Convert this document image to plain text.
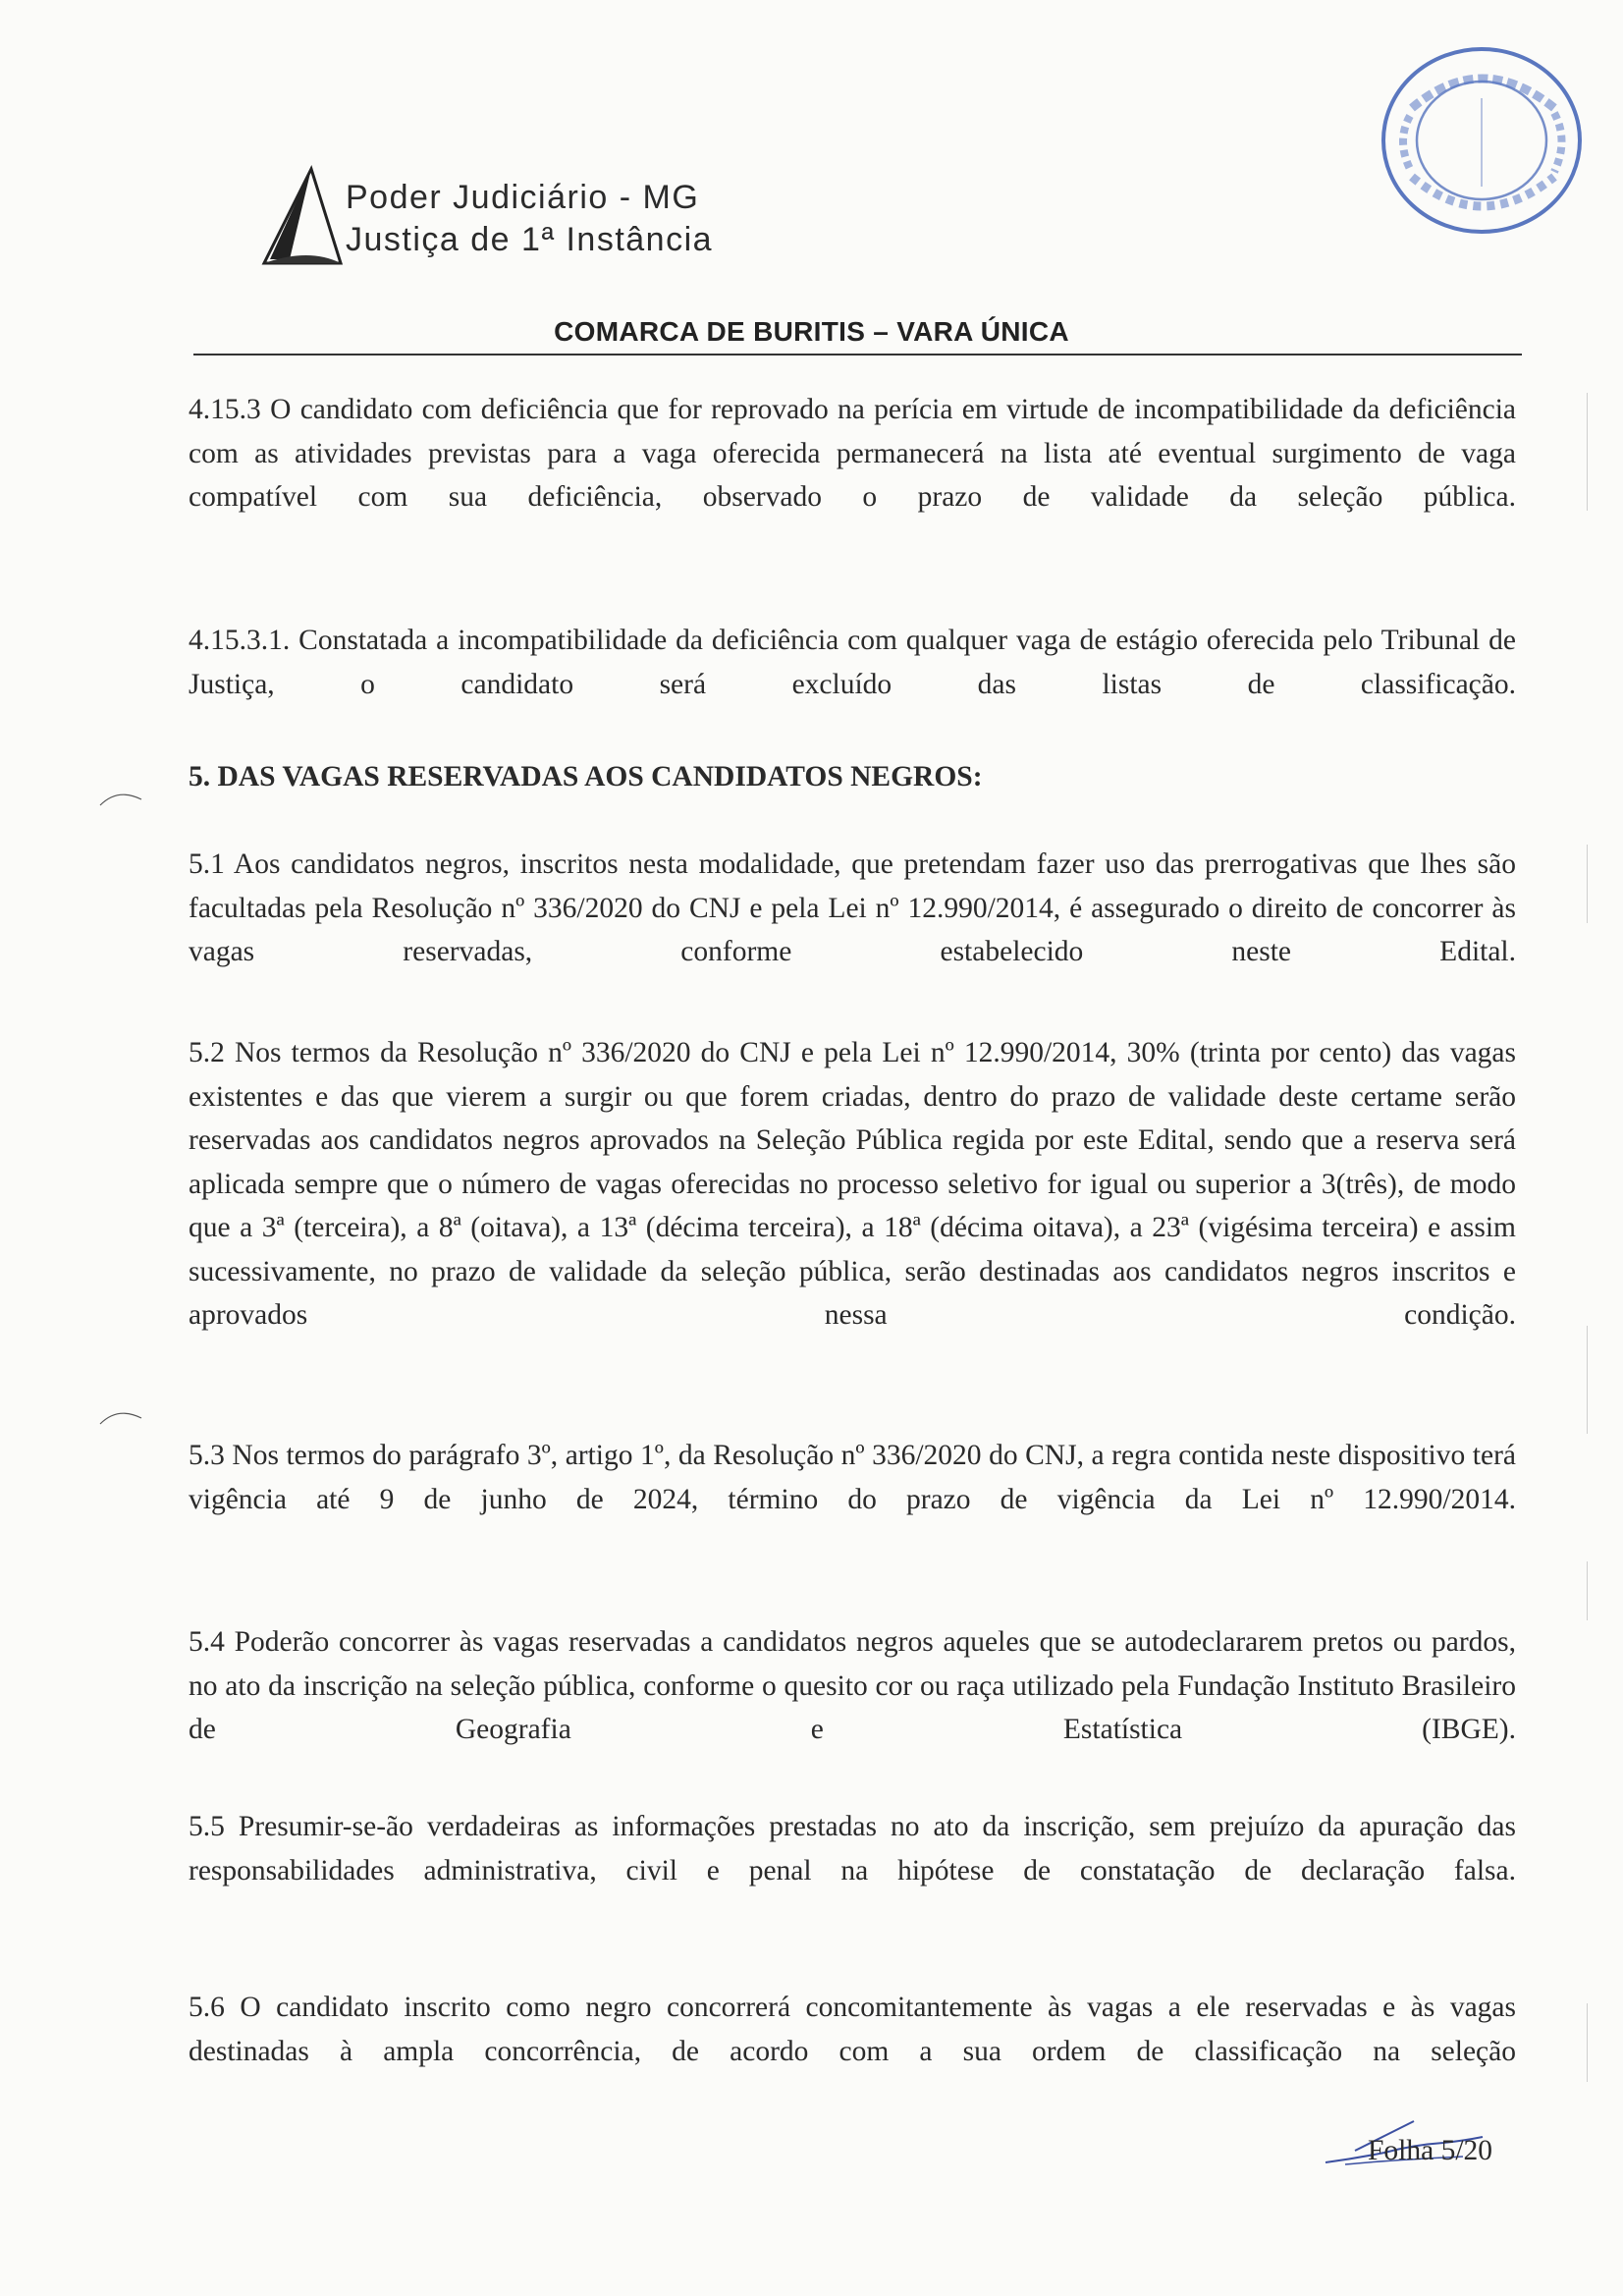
Poder Judiciário - MG
Justiça de 1ª Instância
COMARCA DE BURITIS – VARA ÚNICA
4.15.3 O candidato com deficiência que for reprovado na perícia em virtude de incompatibilidade da deficiência com as atividades previstas para a vaga oferecida permanecerá na lista até eventual surgimento de vaga compatível com sua deficiência, observado o prazo de validade da seleção pública.
4.15.3.1. Constatada a incompatibilidade da deficiência com qualquer vaga de estágio oferecida pelo Tribunal de Justiça, o candidato será excluído das listas de classificação.
5. DAS VAGAS RESERVADAS AOS CANDIDATOS NEGROS:
5.1 Aos candidatos negros, inscritos nesta modalidade, que pretendam fazer uso das prerrogativas que lhes são facultadas pela Resolução nº 336/2020 do CNJ e pela Lei nº 12.990/2014, é assegurado o direito de concorrer às vagas reservadas, conforme estabelecido neste Edital.
5.2 Nos termos da Resolução nº 336/2020 do CNJ e pela Lei nº 12.990/2014, 30% (trinta por cento) das vagas existentes e das que vierem a surgir ou que forem criadas, dentro do prazo de validade deste certame serão reservadas aos candidatos negros aprovados na Seleção Pública regida por este Edital, sendo que a reserva será aplicada sempre que o número de vagas oferecidas no processo seletivo for igual ou superior a 3(três), de modo que a 3ª (terceira), a 8ª (oitava), a 13ª (décima terceira), a 18ª (décima oitava), a 23ª (vigésima terceira) e assim sucessivamente, no prazo de validade da seleção pública, serão destinadas aos candidatos negros inscritos e aprovados nessa condição.
5.3 Nos termos do parágrafo 3º, artigo 1º, da Resolução nº 336/2020 do CNJ, a regra contida neste dispositivo terá vigência até 9 de junho de 2024, término do prazo de vigência da Lei nº 12.990/2014.
5.4 Poderão concorrer às vagas reservadas a candidatos negros aqueles que se autodeclararem pretos ou pardos, no ato da inscrição na seleção pública, conforme o quesito cor ou raça utilizado pela Fundação Instituto Brasileiro de Geografia e Estatística (IBGE).
5.5 Presumir-se-ão verdadeiras as informações prestadas no ato da inscrição, sem prejuízo da apuração das responsabilidades administrativa, civil e penal na hipótese de constatação de declaração falsa.
5.6 O candidato inscrito como negro concorrerá concomitantemente às vagas a ele reservadas e às vagas destinadas à ampla concorrência, de acordo com a sua ordem de classificação na seleção
Folha 5/20
